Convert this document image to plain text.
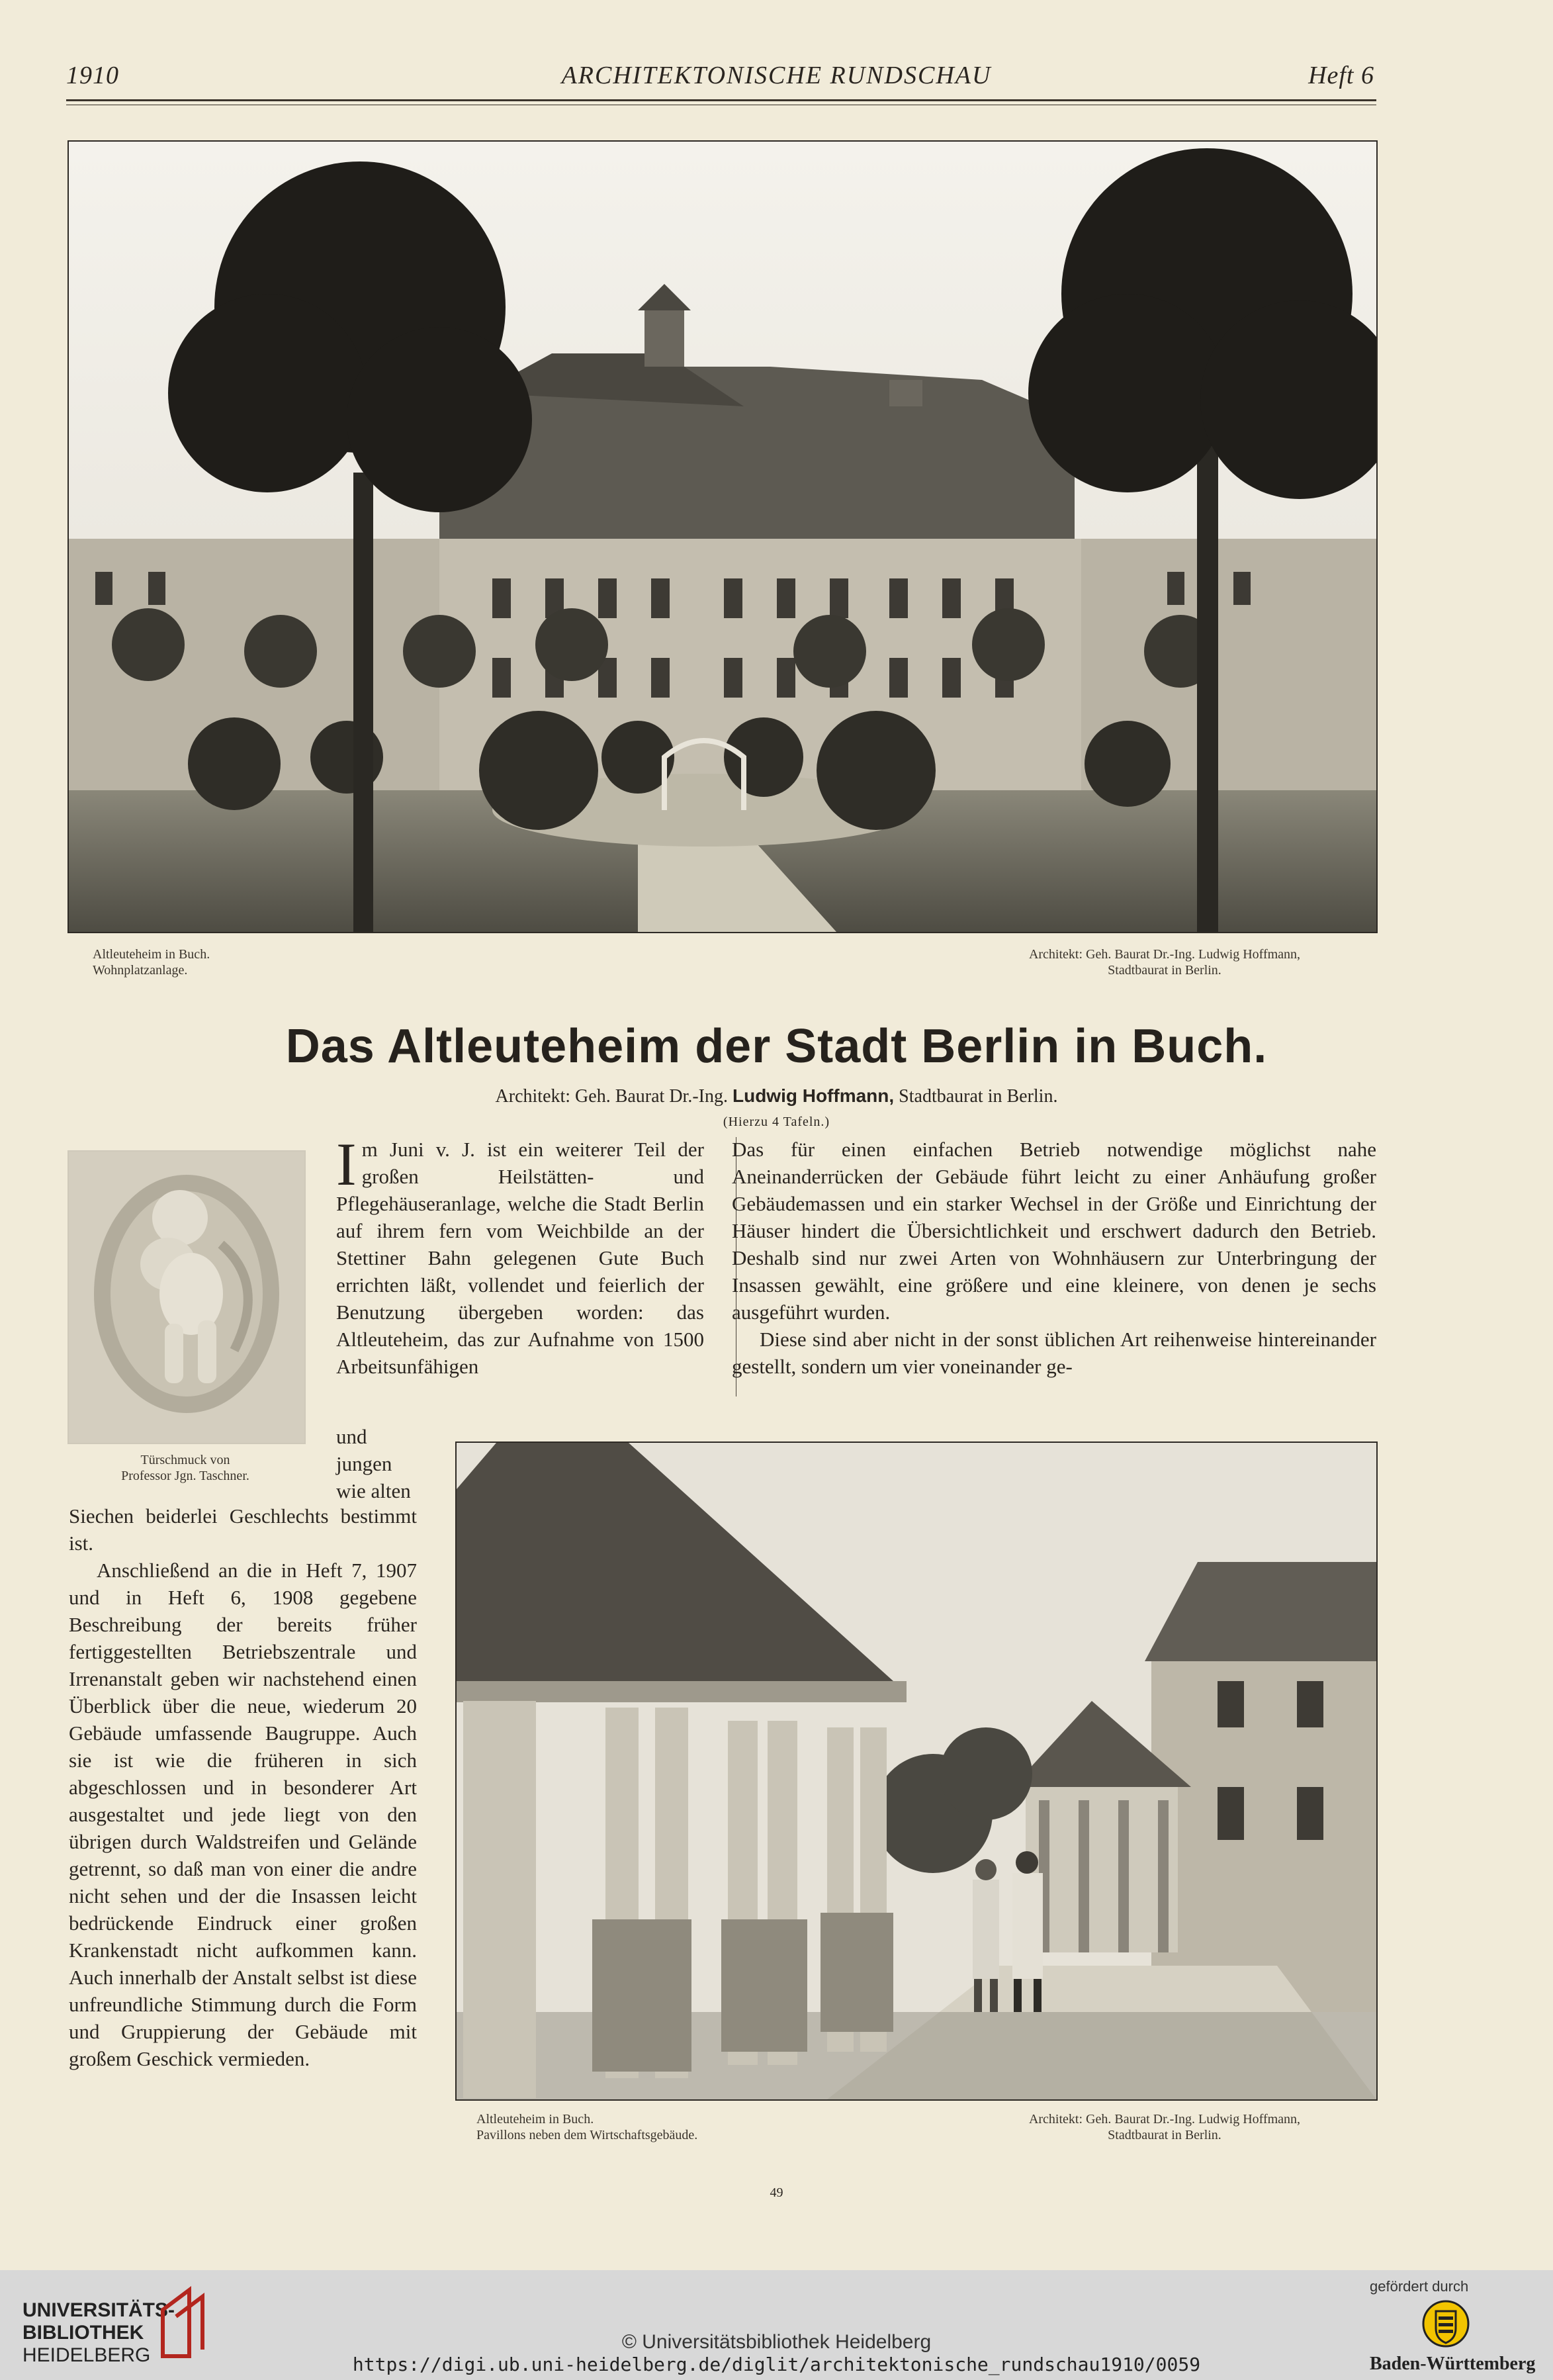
1910	ARCHITEKTONISCHE RUNDSCHAU	Heft 6
Altleuteheim in Buch.
Wohnplatzanlage.
Architekt: Geh. Baurat Dr.-Ing. Ludwig Hoffmann,
Stadtbaurat in Berlin.
Das Altleuteheim der Stadt Berlin in Buch.
Architekt: Geh. Baurat Dr.-Ing. Ludwig Hoffmann, Stadtbaurat in Berlin.
(Hierzu 4 Tafeln.)
Türschmuck von
Professor Jgn. Taschner.

Im Juni v. J. ist ein weiterer Teil der großen Heilstätten- und Pflegehäuseranlage, welche die Stadt Berlin auf ihrem fern vom Weichbilde an der Stettiner Bahn gelegenen Gute Buch errichten läßt, vollendet und feierlich der Benutzung übergeben worden: das Altleuteheim, das zur Aufnahme von 1500 Arbeitsunfähigen

und jungen wie alten

Siechen beiderlei Geschlechts bestimmt ist.

Anschließend an die in Heft 7, 1907 und in Heft 6, 1908 gegebene Beschreibung der bereits früher fertiggestellten Betriebszentrale und Irrenanstalt geben wir nachstehend einen Überblick über die neue, wiederum 20 Gebäude umfassende Baugruppe. Auch sie ist wie die früheren in sich abgeschlossen und in besonderer Art ausgestaltet und jede liegt von den übrigen durch Waldstreifen und Gelände getrennt, so daß man von einer die andre nicht sehen und der die Insassen leicht bedrückende Eindruck einer großen Krankenstadt nicht aufkommen kann. Auch innerhalb der Anstalt selbst ist diese unfreundliche Stimmung durch die Form und Gruppierung der Gebäude mit großem Geschick vermieden.

Das für einen einfachen Betrieb notwendige möglichst nahe Aneinanderrücken der Gebäude führt leicht zu einer Anhäufung großer Gebäudemassen und ein starker Wechsel in der Größe und Einrichtung der Häuser hindert die Übersichtlichkeit und erschwert dadurch den Betrieb. Deshalb sind nur zwei Arten von Wohnhäusern zur Unterbringung der Insassen gewählt, eine größere und eine kleinere, von denen je sechs ausgeführt wurden.

Diese sind aber nicht in der sonst üblichen Art reihenweise hintereinander gestellt, sondern um vier voneinander ge-

Altleuteheim in Buch.
Pavillons neben dem Wirtschaftsgebäude.
Architekt: Geh. Baurat Dr.-Ing. Ludwig Hoffmann,
Stadtbaurat in Berlin.
49
UNIVERSITÄTS-
BIBLIOTHEK
HEIDELBERG
© Universitätsbibliothek Heidelberg
https://digi.ub.uni-heidelberg.de/diglit/architektonische_rundschau1910/0059
gefördert durch
Baden-Württemberg
